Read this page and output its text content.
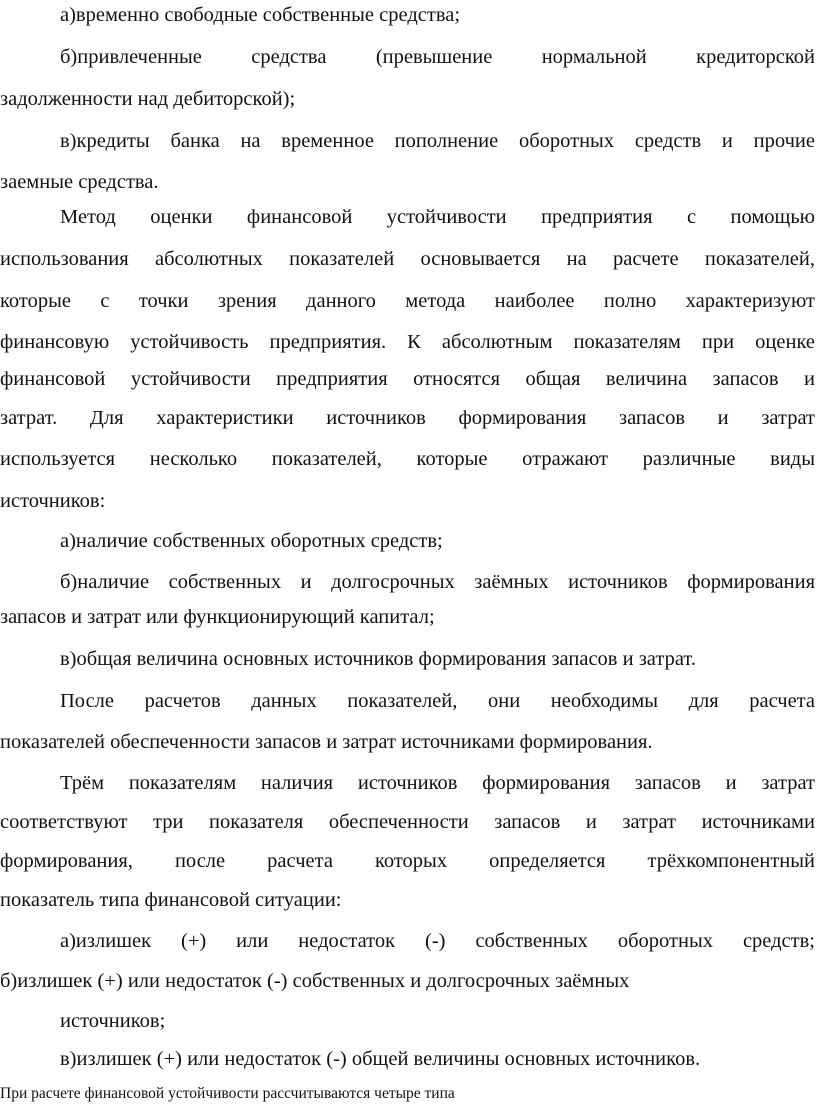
а)временно свободные собственные средства;
б)привлеченные средства (превышение нормальной кредиторской
задолженности над дебиторской);
в)кредиты банка на временное пополнение оборотных средств и прочие
заемные средства.
Метод оценки финансовой устойчивости предприятия с помощью
использования абсолютных показателей основывается на расчете показателей,
которые с точки зрения данного метода наиболее полно характеризуют
финансовую устойчивость предприятия. К абсолютным показателям при оценке
финансовой устойчивости предприятия относятся общая величина запасов и
затрат. Для характеристики источников формирования запасов и затрат
используется несколько показателей, которые отражают различные виды
источников:
а)наличие собственных оборотных средств;
б)наличие собственных и долгосрочных заёмных источников формирования
запасов и затрат или функционирующий капитал;
в)общая величина основных источников формирования запасов и затрат.
После расчетов данных показателей, они необходимы для расчета
показателей обеспеченности запасов и затрат источниками формирования.
Трём показателям наличия источников формирования запасов и затрат
соответствуют три показателя обеспеченности запасов и затрат источниками
формирования, после расчета которых определяется трёхкомпонентный
показатель типа финансовой ситуации:
а)излишек (+) или недостаток (-) собственных оборотных средств;
б)излишек (+) или недостаток (-) собственных и долгосрочных заёмных
источников;
в)излишек (+) или недостаток (-) общей величины основных источников.
При расчете финансовой устойчивости рассчитываются четыре типа
